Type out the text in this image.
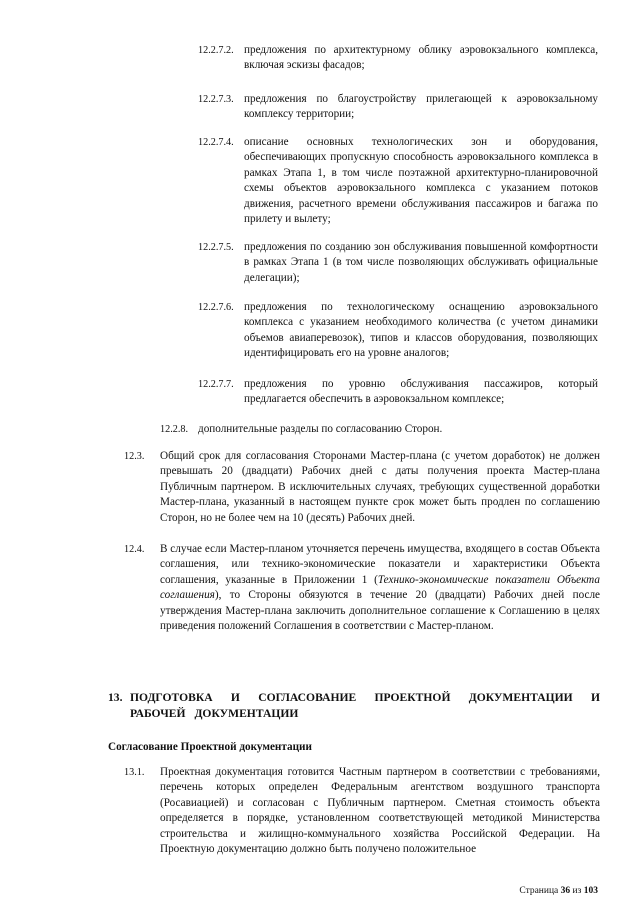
12.2.7.2. предложения по архитектурному облику аэровокзального комплекса, включая эскизы фасадов;
12.2.7.3. предложения по благоустройству прилегающей к аэровокзальному комплексу территории;
12.2.7.4. описание основных технологических зон и оборудования, обеспечивающих пропускную способность аэровокзального комплекса в рамках Этапа 1, в том числе поэтажной архитектурно-планировочной схемы объектов аэровокзального комплекса с указанием потоков движения, расчетного времени обслуживания пассажиров и багажа по прилету и вылету;
12.2.7.5. предложения по созданию зон обслуживания повышенной комфортности в рамках Этапа 1 (в том числе позволяющих обслуживать официальные делегации);
12.2.7.6. предложения по технологическому оснащению аэровокзального комплекса с указанием необходимого количества (с учетом динамики объемов авиаперевозок), типов и классов оборудования, позволяющих идентифицировать его на уровне аналогов;
12.2.7.7. предложения по уровню обслуживания пассажиров, который предлагается обеспечить в аэровокзальном комплексе;
12.2.8. дополнительные разделы по согласованию Сторон.
12.3. Общий срок для согласования Сторонами Мастер-плана (с учетом доработок) не должен превышать 20 (двадцати) Рабочих дней с даты получения проекта Мастер-плана Публичным партнером. В исключительных случаях, требующих существенной доработки Мастер-плана, указанный в настоящем пункте срок может быть продлен по соглашению Сторон, но не более чем на 10 (десять) Рабочих дней.
12.4. В случае если Мастер-планом уточняется перечень имущества, входящего в состав Объекта соглашения, или технико-экономические показатели и характеристики Объекта соглашения, указанные в Приложении 1 (Технико-экономические показатели Объекта соглашения), то Стороны обязуются в течение 20 (двадцати) Рабочих дней после утверждения Мастер-плана заключить дополнительное соглашение к Соглашению в целях приведения положений Соглашения в соответствии с Мастер-планом.
13. ПОДГОТОВКА И СОГЛАСОВАНИЕ ПРОЕКТНОЙ ДОКУМЕНТАЦИИ И РАБОЧЕЙ ДОКУМЕНТАЦИИ
Согласование Проектной документации
13.1. Проектная документация готовится Частным партнером в соответствии с требованиями, перечень которых определен Федеральным агентством воздушного транспорта (Росавиацией) и согласован с Публичным партнером. Сметная стоимость объекта определяется в порядке, установленном соответствующей методикой Министерства строительства и жилищно-коммунального хозяйства Российской Федерации. На Проектную документацию должно быть получено положительное
Страница 36 из 103
